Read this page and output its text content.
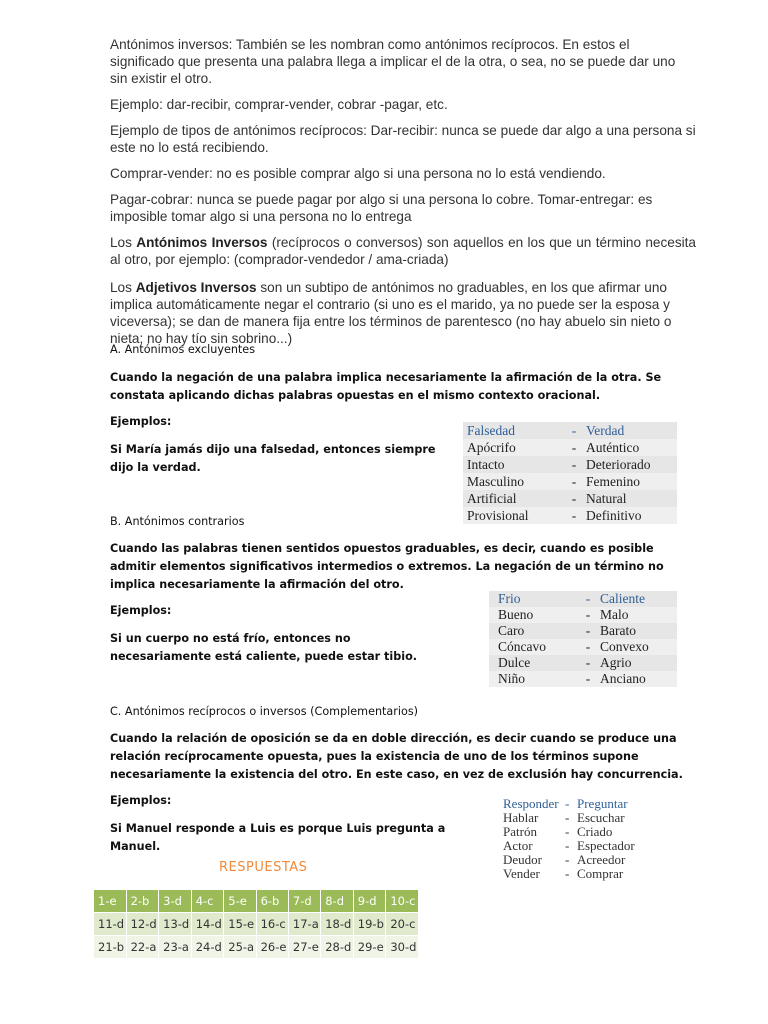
Antónimos inversos: También se les nombran como antónimos recíprocos. En estos el significado que presenta una palabra llega a implicar el de la otra, o sea, no se puede dar uno sin existir el otro.

Ejemplo: dar-recibir, comprar-vender, cobrar -pagar, etc.

Ejemplo de tipos de antónimos recíprocos: Dar-recibir: nunca se puede dar algo a una persona si este no lo está recibiendo.

Comprar-vender: no es posible comprar algo si una persona no lo está vendiendo.

Pagar-cobrar: nunca se puede pagar por algo si una persona lo cobre. Tomar-entregar: es imposible tomar algo si una persona no lo entrega

Los Antónimos Inversos (recíprocos o conversos) son aquellos en los que un término necesita al otro, por ejemplo: (comprador-vendedor / ama-criada)

Los Adjetivos Inversos son un subtipo de antónimos no graduables, en los que afirmar uno implica automáticamente negar el contrario (si uno es el marido, ya no puede ser la esposa y viceversa); se dan de manera fija entre los términos de parentesco (no hay abuelo sin nieto o nieta; no hay tío sin sobrino...)

A. Antónimos excluyentes

Cuando la negación de una palabra implica necesariamente la afirmación de la otra. Se constata aplicando dichas palabras opuestas en el mismo contexto oracional.

Ejemplos:

Si María jamás dijo una falsedad, entonces siempre dijo la verdad.

Falsedad	- Verdad
Apócrifo	- Auténtico
Intacto	- Deteriorado
Masculino	- Femenino
Artificial	- Natural
Provisional	- Definitivo

B. Antónimos contrarios

Cuando las palabras tienen sentidos opuestos graduables, es decir, cuando es posible admitir elementos significativos intermedios o extremos. La negación de un término no implica necesariamente la afirmación del otro.

Ejemplos:

Si un cuerpo no está frío, entonces no necesariamente está caliente, puede estar tibio.

Frio	- Caliente
Bueno	- Malo
Caro	- Barato
Cóncavo	- Convexo
Dulce	- Agrio
Niño	- Anciano

C. Antónimos recíprocos o inversos (Complementarios)

Cuando la relación de oposición se da en doble dirección, es decir cuando se produce una relación recíprocamente opuesta, pues la existencia de uno de los términos supone necesariamente la existencia del otro. En este caso, en vez de exclusión hay concurrencia.

Ejemplos:

Si Manuel responde a Luis es porque Luis pregunta a Manuel.

Responder - Preguntar
Hablar - Escuchar
Patrón - Criado
Actor - Espectador
Deudor - Acreedor
Vender - Comprar
RESPUESTAS
1-e	2-b	3-d	4-c	5-e	6-b	7-d	8-d	9-d	10-c
11-d	12-d	13-d	14-d	15-e	16-c	17-a	18-d	19-b	20-c
21-b	22-a	23-a	24-d	25-a	26-e	27-e	28-d	29-e	30-d
